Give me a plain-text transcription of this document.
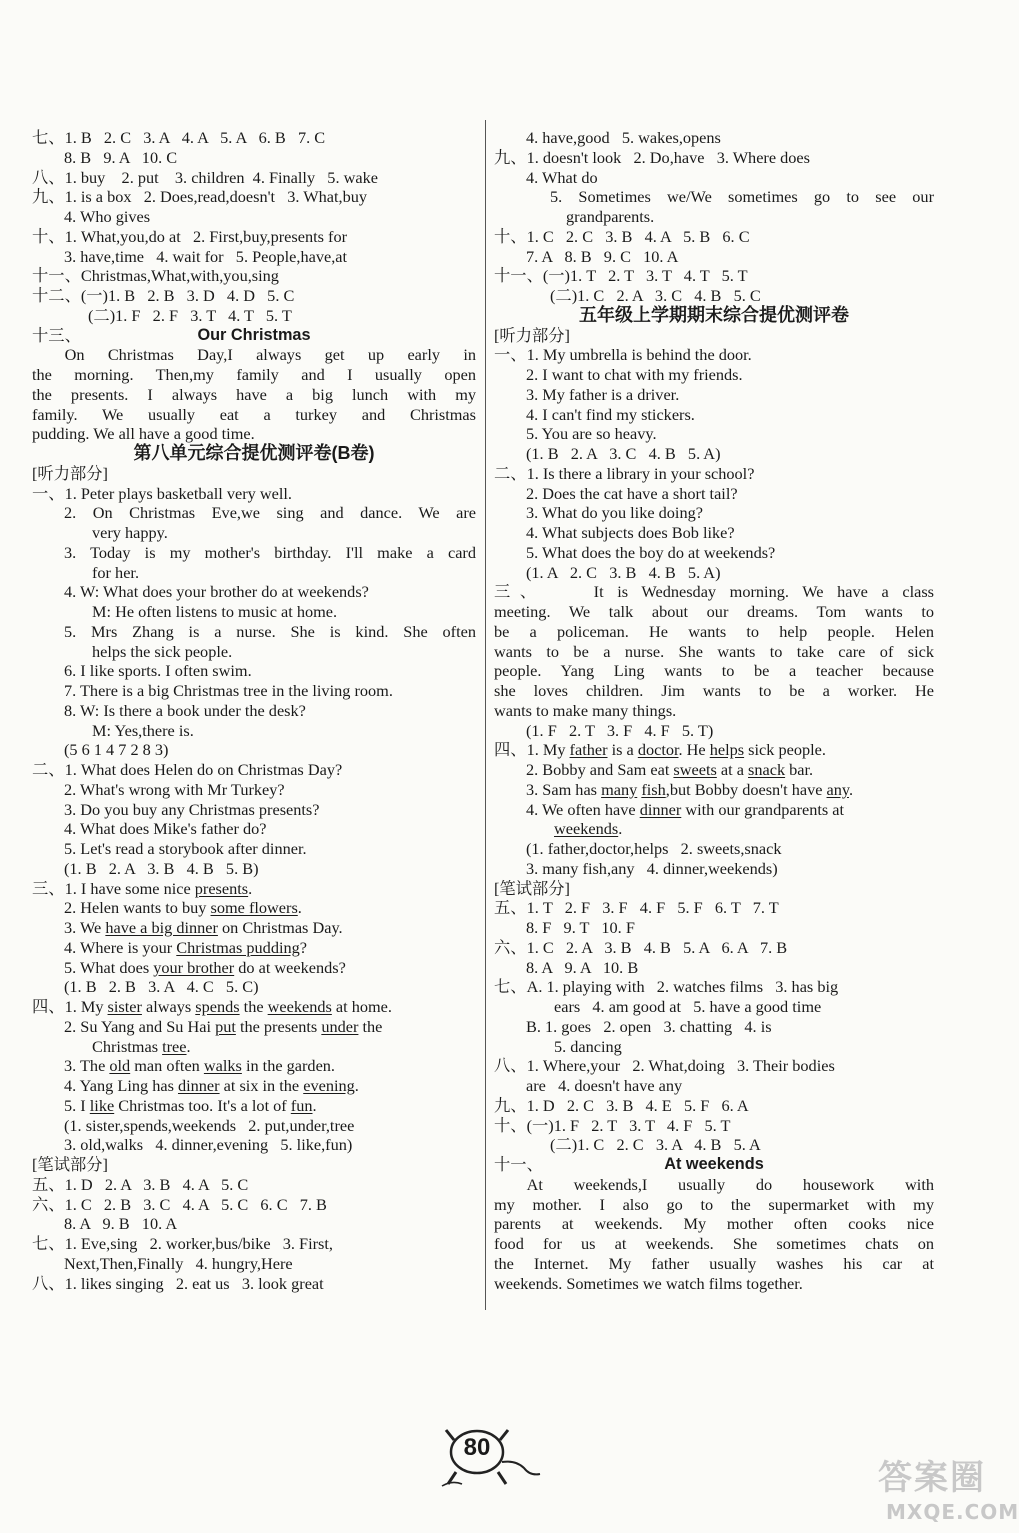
七、1. B   2. C   3. A   4. A   5. A   6. B   7. C
8. B   9. A   10. C
八、1. buy    2. put    3. children  4. Finally   5. wake
九、1. is a box   2. Does,read,doesn't   3. What,buy
4. Who gives
十、1. What,you,do at   2. First,buy,presents for
3. have,time   4. wait for   5. People,have,at
十一、Christmas,What,with,you,sing
十二、(一)1. B   2. B   3. D   4. D   5. C
(二)1. F   2. F   3. T   4. T   5. T
十三、	Our Christmas
On Christmas Day,I always get up early in
the morning. Then,my family and I usually open
the presents. I always have a big lunch with my
family. We usually eat a turkey and Christmas
pudding. We all have a good time.
第八单元综合提优测评卷(B卷)
[听力部分]
一、1. Peter plays basketball very well.
2. On Christmas Eve,we sing and dance. We are
very happy.
3. Today is my mother's birthday. I'll make a card
for her.
4. W: What does your brother do at weekends?
M: He often listens to music at home.
5. Mrs Zhang is a nurse. She is kind. She often
helps the sick people.
6. I like sports. I often swim.
7. There is a big Christmas tree in the living room.
8. W: Is there a book under the desk?
M: Yes,there is.
(5 6 1 4 7 2 8 3)
二、1. What does Helen do on Christmas Day?
2. What's wrong with Mr Turkey?
3. Do you buy any Christmas presents?
4. What does Mike's father do?
5. Let's read a storybook after dinner.
(1. B   2. A   3. B   4. B   5. B)
三、1. I have some nice presents.
2. Helen wants to buy some flowers.
3. We have a big dinner on Christmas Day.
4. Where is your Christmas pudding?
5. What does your brother do at weekends?
(1. B   2. B   3. A   4. C   5. C)
四、1. My sister always spends the weekends at home.
2. Su Yang and Su Hai put the presents under the
Christmas tree.
3. The old man often walks in the garden.
4. Yang Ling has dinner at six in the evening.
5. I like Christmas too. It's a lot of fun.
(1. sister,spends,weekends   2. put,under,tree
3. old,walks   4. dinner,evening   5. like,fun)
[笔试部分]
五、1. D   2. A   3. B   4. A   5. C
六、1. C   2. B   3. C   4. A   5. C   6. C   7. B
8. A   9. B   10. A
七、1. Eve,sing   2. worker,bus/bike   3. First,
Next,Then,Finally   4. hungry,Here
八、1. likes singing   2. eat us   3. look great
4. have,good   5. wakes,opens
九、1. doesn't look   2. Do,have   3. Where does
4. What do
5. Sometimes we/We sometimes go to see our
grandparents.
十、1. C   2. C   3. B   4. A   5. B   6. C
7. A   8. B   9. C   10. A
十一、(一)1. T   2. T   3. T   4. T   5. T
(二)1. C   2. A   3. C   4. B   5. C
五年级上学期期末综合提优测评卷
[听力部分]
一、1. My umbrella is behind the door.
2. I want to chat with my friends.
3. My father is a driver.
4. I can't find my stickers.
5. You are so heavy.
(1. B   2. A   3. C   4. B   5. A)
二、1. Is there a library in your school?
2. Does the cat have a short tail?
3. What do you like doing?
4. What subjects does Bob like?
5. What does the boy do at weekends?
(1. A   2. C   3. B   4. B   5. A)
三、	It is Wednesday morning. We have a class
meeting. We talk about our dreams. Tom wants to
be a policeman. He wants to help people. Helen
wants to be a nurse. She wants to take care of sick
people. Yang Ling wants to be a teacher because
she loves children. Jim wants to be a worker. He
wants to make many things.
(1. F   2. T   3. F   4. F   5. T)
四、1. My father is a doctor. He helps sick people.
2. Bobby and Sam eat sweets at a snack bar.
3. Sam has many fish,but Bobby doesn't have any.
4. We often have dinner with our grandparents at
weekends.
(1. father,doctor,helps   2. sweets,snack
3. many fish,any   4. dinner,weekends)
[笔试部分]
五、1. T   2. F   3. F   4. F   5. F   6. T   7. T
8. F   9. T   10. F
六、1. C   2. A   3. B   4. B   5. A   6. A   7. B
8. A   9. A   10. B
七、A. 1. playing with   2. watches films   3. has big
ears   4. am good at   5. have a good time
B. 1. goes   2. open   3. chatting   4. is
5. dancing
八、1. Where,your   2. What,doing   3. Their bodies
are   4. doesn't have any
九、1. D   2. C   3. B   4. E   5. F   6. A
十、(一)1. F   2. T   3. T   4. F   5. T
(二)1. C   2. C   3. A   4. B   5. A
十一、	At weekends
At weekends,I usually do housework with
my mother. I also go to the supermarket with my
parents at weekends. My mother often cooks nice
food for us at weekends. She sometimes chats on
the Internet. My father usually washes his car at
weekends. Sometimes we watch films together.
80
答案圈
MXQE.COM
